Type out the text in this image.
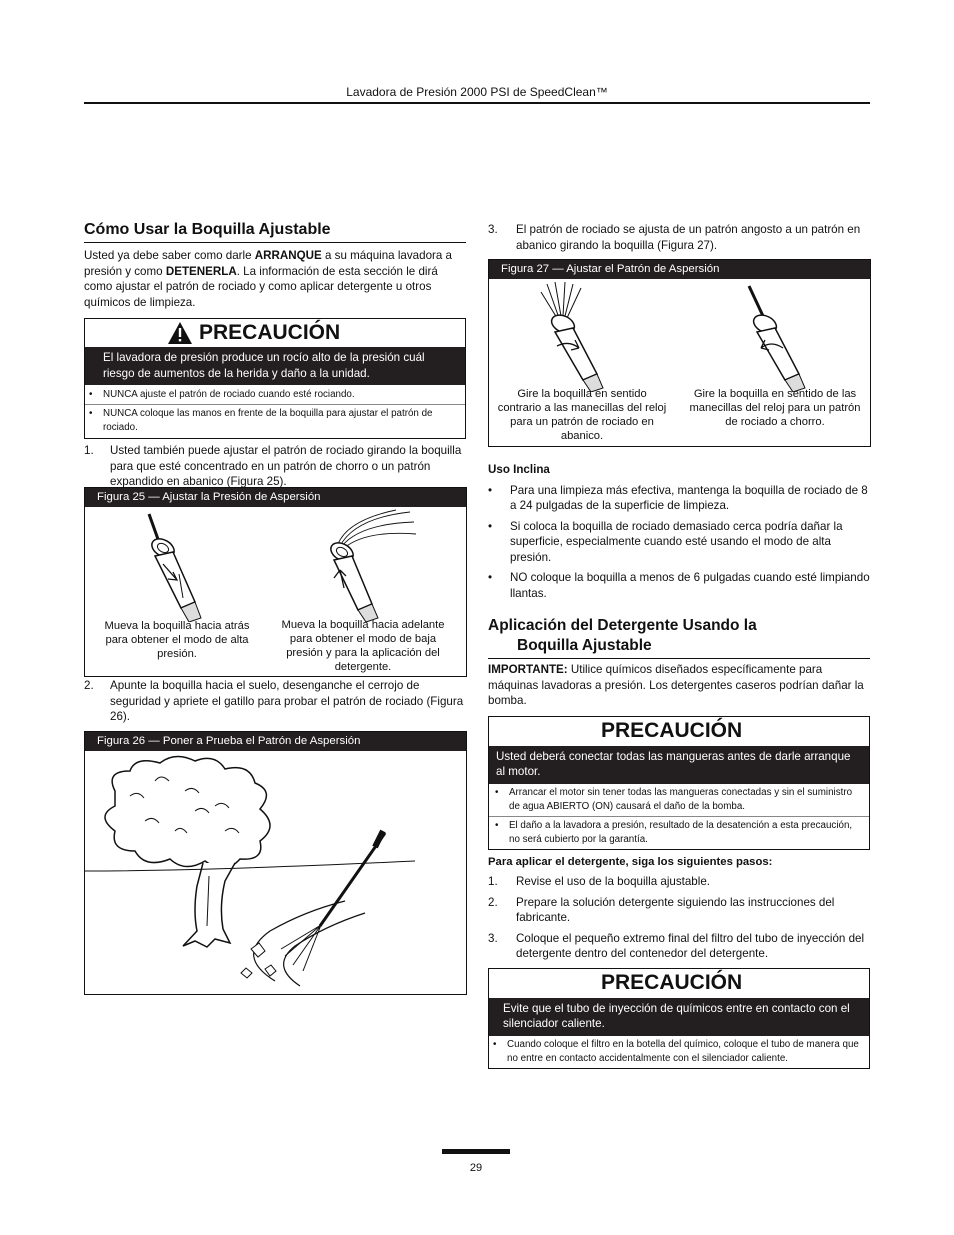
Lavadora de Presión 2000 PSI de SpeedClean™
Cómo Usar la Boquilla Ajustable

Usted ya debe saber como darle ARRANQUE a su máquina lavadora a presión y como DETENERLA. La información de esta sección le dirá como ajustar el patrón de rociado y como aplicar detergente u otros químicos de limpieza.

PRECAUCIÓN
El lavadora de presión produce un rocío alto de la presión cuál riesgo de aumentos de la herida y daño a la unidad.
•	NUNCA ajuste el patrón de rociado cuando esté rociando.
•	NUNCA coloque las manos en frente de la boquilla para ajustar el patrón de rociado.
1.	Usted también puede ajustar el patrón de rociado girando la boquilla para que esté concentrado en un patrón de chorro o un patrón expandido en abanico (Figura 25).
Figura 25 — Ajustar la Presión de Aspersión
Mueva la boquilla hacia atrás para obtener el modo de alta presión.
Mueva la boquilla hacia adelante para obtener el modo de baja presión y para la aplicación del detergente.
2.	Apunte la boquilla hacia el suelo, desenganche el cerrojo de seguridad y apriete el gatillo para probar el patrón de rociado (Figura 26).
Figura 26 — Poner a Prueba el Patrón de Aspersión
3.	El patrón de rociado se ajusta de un patrón angosto a un patrón en abanico girando la boquilla (Figura 27).
Figura 27 — Ajustar el Patrón de Aspersión
Gire la boquilla en sentido contrario a las manecillas del reloj para un patrón de rociado en abanico.
Gire la boquilla en sentido de las manecillas del reloj para un patrón de rociado a chorro.
Uso Inclina
•	Para una limpieza más efectiva, mantenga la boquilla de rociado de 8 a 24 pulgadas de la superficie de limpieza.
•	Si coloca la boquilla de rociado demasiado cerca podría dañar la superficie, especialmente cuando esté usando el modo de alta presión.
•	NO coloque la boquilla a menos de 6 pulgadas cuando esté limpiando llantas.
Aplicación del Detergente Usando la
Boquilla Ajustable

IMPORTANTE: Utilice químicos diseñados específicamente para máquinas lavadoras a presión. Los detergentes caseros podrían dañar la bomba.

PRECAUCIÓN
Usted deberá conectar todas las mangueras antes de darle arranque al motor.
•	Arrancar el motor sin tener todas las mangueras conectadas y sin el suministro de agua ABIERTO (ON) causará el daño de la bomba.
•	El daño a la lavadora a presión, resultado de la desatención a esta precaución, no será cubierto por la garantía.
Para aplicar el detergente, siga los siguientes pasos:
1.	Revise el uso de la boquilla ajustable.
2.	Prepare la solución detergente siguiendo las instrucciones del fabricante.
3.	Coloque el pequeño extremo final del filtro del tubo de inyección del detergente dentro del contenedor del detergente.
PRECAUCIÓN
Evite que el tubo de inyección de químicos entre en contacto con el silenciador caliente.
•	Cuando coloque el filtro en la botella del químico, coloque el tubo de manera que no entre en contacto accidentalmente con el silenciador caliente.
29
